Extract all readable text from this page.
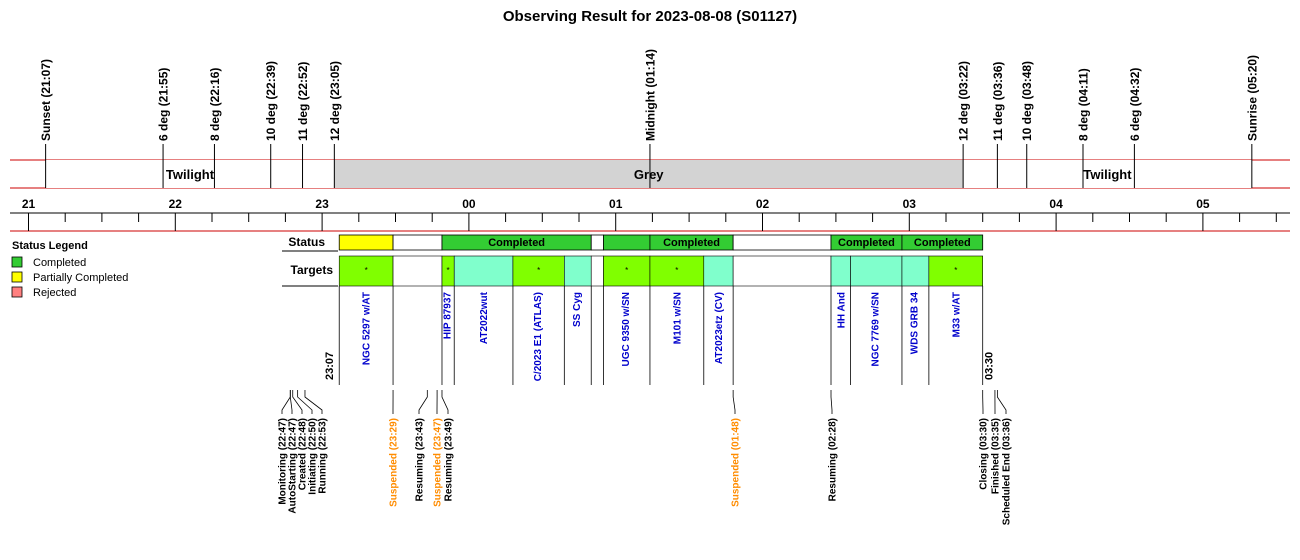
Observing Result for 2023-08-08 (S01127)
Twilight	Grey	Twilight
Sunset (21:07)	6 deg (21:55)	8 deg (22:16)	10 deg (22:39) 11 deg (22:52) 12 deg (23:05)	Midnight (01:14)	12 deg (03:22) 11 deg (03:36) 10 deg (03:48)	8 deg (04:11)	6 deg (04:32)	Sunrise (05:20)
21	22	23	00	01	02	03	04	05
Status Legend
Completed
Partially Completed
Rejected
Status
Targets
Completed	Completed	Completed Completed
*	*	*	*	*	*
NGC 5297 w/AT	HIP 87937	AT2022wut	C/2023 E1 (ATLAS)	SS Cyg	UGC 9350 w/SN	M101 w/SN	AT2023etz (CV)	HH And NGC 7769 w/SN	WDS GRB 34	M33 w/AT
23:07	03:30
Monitoring (22:47) AutoStarting (22:47) Created (22:48) Initiating (22:50) Running (22:53)	Suspended (23:29) Resuming (23:43) Suspended (23:47) Resuming (23:49)	Suspended (01:48)	Resuming (02:28)	Closing (03:30) Finished (03:35) Scheduled End (03:36)
